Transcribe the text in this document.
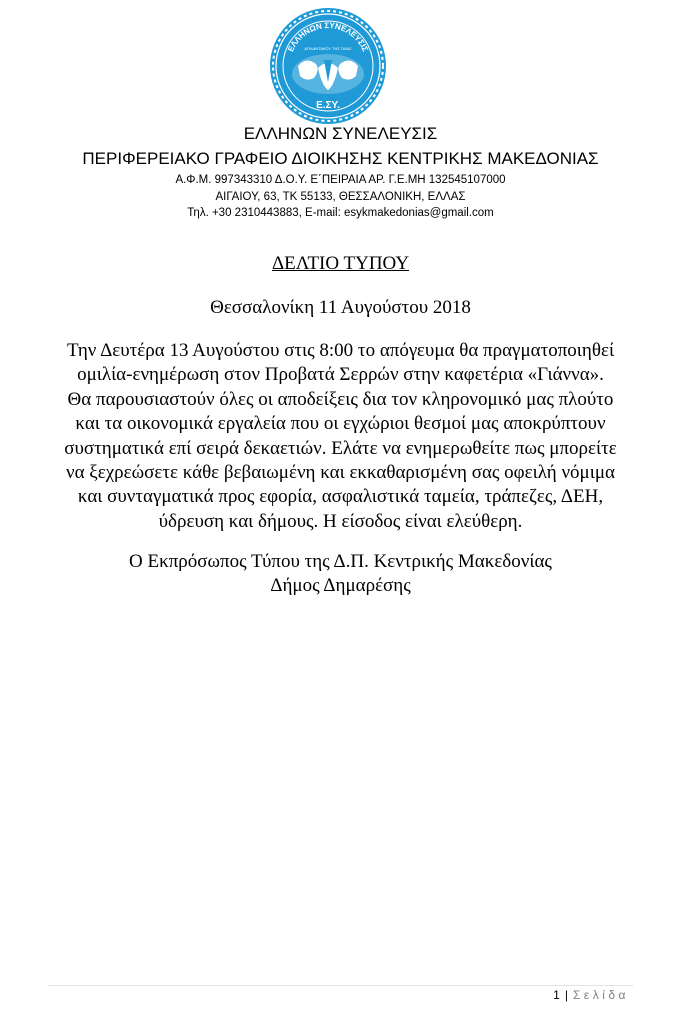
ΕΛΛΗΝΩΝ ΣΥΝΕΛΕΥΣΙΣ
ΑΠΛΑΝΤΑΚΟΥ ΤΗΣ ΓΑΙΑΣ
Ε.ΣΥ.
ΕΛΛΗΝΩΝ ΣΥΝΕΛΕΥΣΙΣ
ΠΕΡΙΦΕΡΕΙΑΚΟ ΓΡΑΦΕΙΟ ΔΙΟΙΚΗΣΗΣ ΚΕΝΤΡΙΚΗΣ ΜΑΚΕΔΟΝΙΑΣ
Α.Φ.Μ. 997343310 Δ.Ο.Υ. Ε΄ΠΕΙΡΑΙΑ ΑΡ. Γ.Ε.ΜΗ 132545107000
ΑΙΓΑΙΟΥ, 63, ΤΚ 55133, ΘΕΣΣΑΛΟΝΙΚΗ, ΕΛΛΑΣ
Τηλ. +30 2310443883, E-mail: esykmakedonias@gmail.com
ΔΕΛΤΙΟ ΤΥΠΟΥ
Θεσσαλονίκη 11 Αυγούστου 2018
Την Δευτέρα 13 Αυγούστου στις 8:00 το απόγευμα θα πραγματοποιηθεί
ομιλία-ενημέρωση στον Προβατά Σερρών στην καφετέρια «Γιάννα».
Θα παρουσιαστούν όλες οι αποδείξεις δια τον κληρονομικό μας πλούτο
και τα οικονομικά εργαλεία που οι εγχώριοι θεσμοί μας αποκρύπτουν
συστηματικά επί σειρά δεκαετιών. Ελάτε να ενημερωθείτε πως μπορείτε
να ξεχρεώσετε κάθε βεβαιωμένη και εκκαθαρισμένη σας οφειλή νόμιμα
και συνταγματικά προς εφορία, ασφαλιστικά ταμεία, τράπεζες, ΔΕΗ,
ύδρευση και δήμους. Η είσοδος είναι ελεύθερη.
Ο Εκπρόσωπος Τύπου της Δ.Π. Κεντρικής Μακεδονίας
Δήμος Δημαρέσης
1 | Σελίδα
